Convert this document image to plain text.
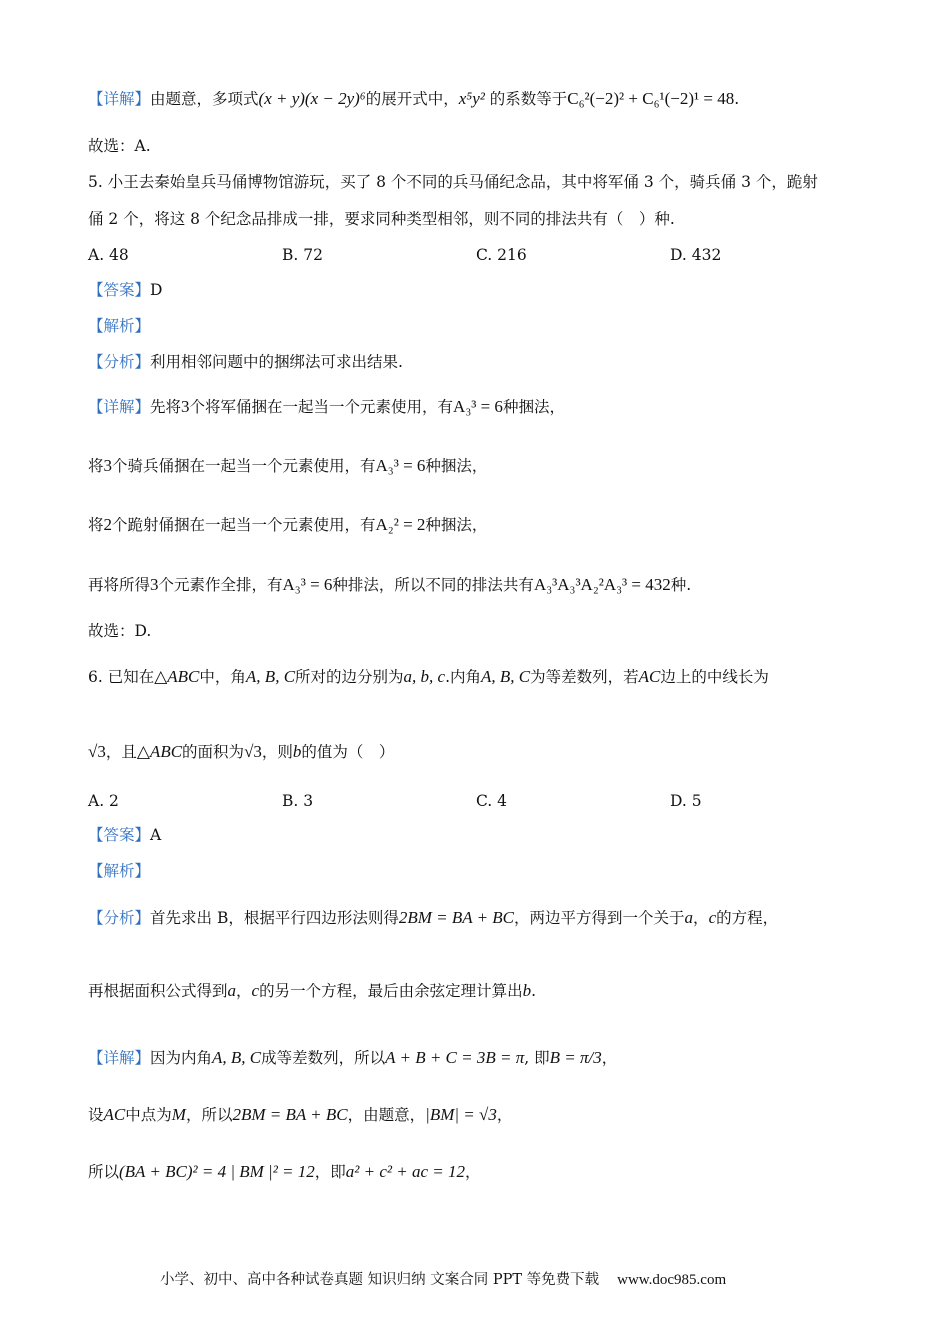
【详解】由题意，多项式(x + y)(x − 2y)⁶的展开式中，x⁵y² 的系数等于C₆²(−2)² + C₆¹(−2)¹ = 48.
故选：A.
5. 小王去秦始皇兵马俑博物馆游玩，买了 8 个不同的兵马俑纪念品，其中将军俑 3 个，骑兵俑 3 个，跪射
俑 2 个，将这 8 个纪念品排成一排，要求同种类型相邻，则不同的排法共有（　）种.
【答案】D
【解析】
【分析】利用相邻问题中的捆绑法可求出结果.
【详解】先将3个将军俑捆在一起当一个元素使用，有A₃³ = 6种捆法，
将3个骑兵俑捆在一起当一个元素使用，有A₃³ = 6种捆法，
将2个跪射俑捆在一起当一个元素使用，有A₂² = 2种捆法，
再将所得3个元素作全排，有A₃³ = 6种排法，所以不同的排法共有A₃³A₃³A₂²A₃³ = 432种.
故选：D.
6. 已知在△ABC中，角A, B, C所对的边分别为a, b, c.内角A, B, C为等差数列，若AC边上的中线长为
√3，且△ABC的面积为√3，则b的值为（　）
【答案】A
【解析】
【分析】首先求出 B，根据平行四边形法则得2BM = BA + BC，两边平方得到一个关于a，c的方程，
再根据面积公式得到a，c的另一个方程，最后由余弦定理计算出b.
【详解】因为内角A, B, C成等差数列，所以A + B + C = 3B = π, 即B = π/3，
设AC中点为M，所以2BM = BA + BC，由题意，|BM| = √3，
所以(BA + BC)² = 4 | BM |² = 12，即a² + c² + ac = 12，
A. 48	B. 72	C. 216	D. 432
A. 2	B. 3	C. 4	D. 5
小学、初中、高中各种试卷真题 知识归纳 文案合同 PPT 等免费下载 www.doc985.com
